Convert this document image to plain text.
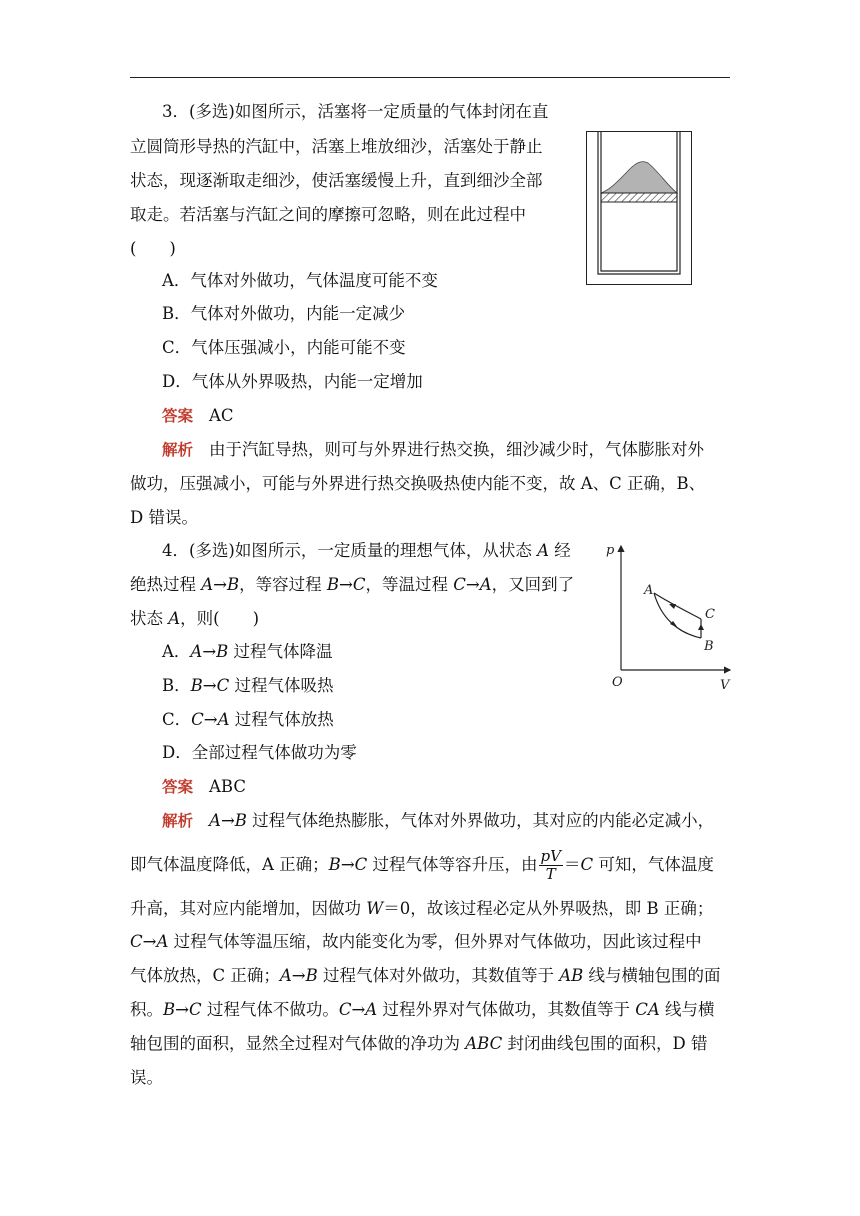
3．(多选)如图所示，活塞将一定质量的气体封闭在直
立圆筒形导热的汽缸中，活塞上堆放细沙，活塞处于静止
状态，现逐渐取走细沙，使活塞缓慢上升，直到细沙全部
取走。若活塞与汽缸之间的摩擦可忽略，则在此过程中
(　　)
A．气体对外做功，气体温度可能不变
B．气体对外做功，内能一定减少
C．气体压强减小，内能可能不变
D．气体从外界吸热，内能一定增加
答案 AC
解析 由于汽缸导热，则可与外界进行热交换，细沙减少时，气体膨胀对外
做功，压强减小，可能与外界进行热交换吸热使内能不变，故 A、C 正确，B、
D 错误。
4．(多选)如图所示，一定质量的理想气体，从状态 A 经
绝热过程 A→B，等容过程 B→C，等温过程 C→A，又回到了
状态 A，则(　　)
A．A→B 过程气体降温
B．B→C 过程气体吸热
C．C→A 过程气体放热
D．全部过程气体做功为零
答案 ABC
解析 A→B 过程气体绝热膨胀，气体对外界做功，其对应的内能必定减小，
即气体温度降低，A 正确；B→C 过程气体等容升压，由 $\frac{pV}{T} =C$ 可知，气体温度
升高，其对应内能增加，因做功 W＝0，故该过程必定从外界吸热，即 B 正确；
C→A 过程气体等温压缩，故内能变化为零，但外界对气体做功，因此该过程中
气体放热，C 正确；A→B 过程气体对外做功，其数值等于 AB 线与横轴包围的面
积。B→C 过程气体不做功。C→A 过程外界对气体做功，其数值等于 CA 线与横
轴包围的面积，显然全过程对气体做的净功为 ABC 封闭曲线包围的面积，D 错
误。
p
V
O
A
B
C
